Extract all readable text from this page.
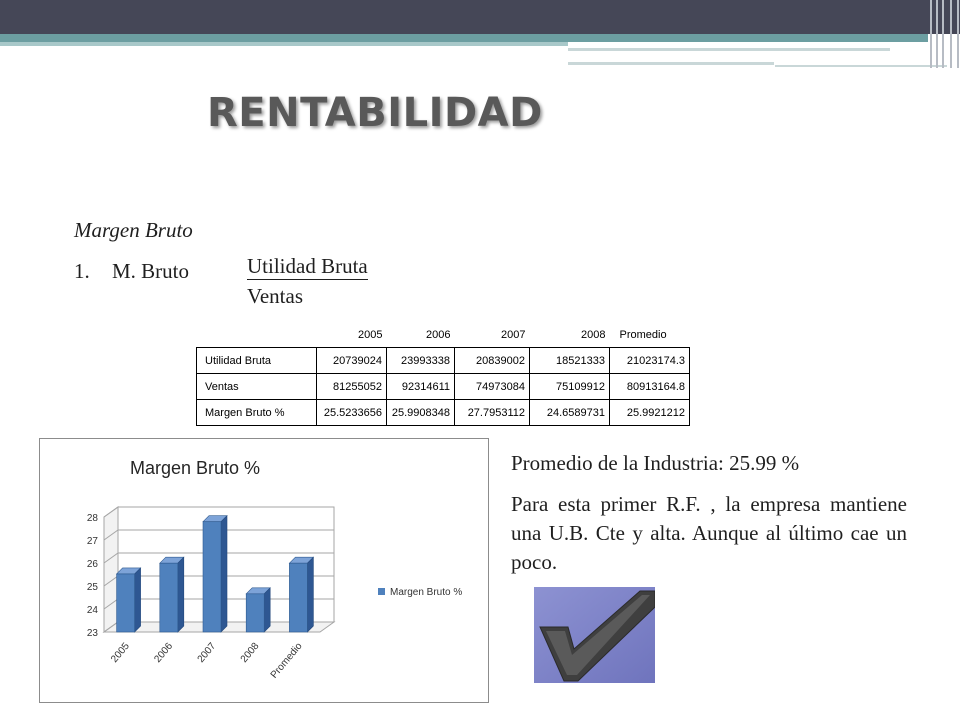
RENTABILIDAD
Margen Bruto
1. M. Bruto	Utilidad Bruta
Ventas
	2005	2006	2007	2008	Promedio
Utilidad Bruta	20739024	23993338	20839002	18521333	21023174.3
Ventas	81255052	92314611	74973084	75109912	80913164.8
Margen Bruto %	25.5233656	25.9908348	27.7953112	24.6589731	25.9921212
Margen Bruto %
23
24
25
26
27
28
2005 2006 2007 2008 Promedio
Margen Bruto %

Promedio de la Industria: 25.99 %

Para esta primer R.F. , la empresa mantiene una U.B. Cte y alta. Aunque al último cae un poco.
